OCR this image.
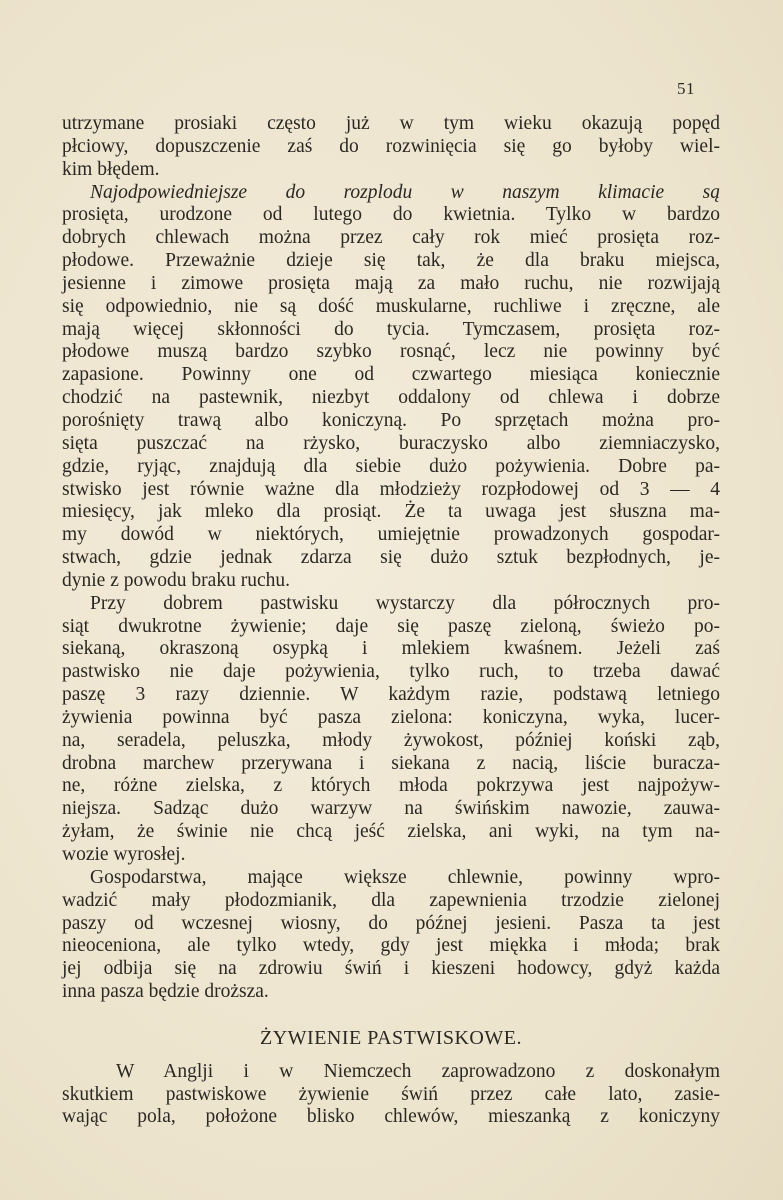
51
utrzymane prosiaki często już w tym wieku okazują popęd
płciowy, dopuszczenie zaś do rozwinięcia się go byłoby wiel-
kim błędem.
Najodpowiedniejsze do rozplodu w naszym klimacie są
prosięta, urodzone od lutego do kwietnia. Tylko w bardzo
dobrych chlewach można przez cały rok mieć prosięta roz-
płodowe. Przeważnie dzieje się tak, że dla braku miejsca,
jesienne i zimowe prosięta mają za mało ruchu, nie rozwijają
się odpowiednio, nie są dość muskularne, ruchliwe i zręczne, ale
mają więcej skłonności do tycia. Tymczasem, prosięta roz-
płodowe muszą bardzo szybko rosnąć, lecz nie powinny być
zapasione. Powinny one od czwartego miesiąca koniecznie
chodzić na pastewnik, niezbyt oddalony od chlewa i dobrze
porośnięty trawą albo koniczyną. Po sprzętach można pro-
sięta puszczać na rżysko, buraczysko albo ziemniaczysko,
gdzie, ryjąc, znajdują dla siebie dużo pożywienia. Dobre pa-
stwisko jest równie ważne dla młodzieży rozpłodowej od 3 — 4
miesięcy, jak mleko dla prosiąt. Że ta uwaga jest słuszna ma-
my dowód w niektórych, umiejętnie prowadzonych gospodar-
stwach, gdzie jednak zdarza się dużo sztuk bezpłodnych, je-
dynie z powodu braku ruchu.
Przy dobrem pastwisku wystarczy dla półrocznych pro-
siąt dwukrotne żywienie; daje się paszę zieloną, świeżo po-
siekaną, okraszoną osypką i mlekiem kwaśnem. Jeżeli zaś
pastwisko nie daje pożywienia, tylko ruch, to trzeba dawać
paszę 3 razy dziennie. W każdym razie, podstawą letniego
żywienia powinna być pasza zielona: koniczyna, wyka, lucer-
na, seradela, peluszka, młody żywokost, później koński ząb,
drobna marchew przerywana i siekana z nacią, liście buracza-
ne, różne zielska, z których młoda pokrzywa jest najpożyw-
niejsza. Sadząc dużo warzyw na świńskim nawozie, zauwa-
żyłam, że świnie nie chcą jeść zielska, ani wyki, na tym na-
wozie wyrosłej.
Gospodarstwa, mające większe chlewnie, powinny wpro-
wadzić mały płodozmianik, dla zapewnienia trzodzie zielonej
paszy od wczesnej wiosny, do późnej jesieni. Pasza ta jest
nieoceniona, ale tylko wtedy, gdy jest miękka i młoda; brak
jej odbija się na zdrowiu świń i kieszeni hodowcy, gdyż każda
inna pasza będzie droższa.
ŻYWIENIE PASTWISKOWE.
W Anglji i w Niemczech zaprowadzono z doskonałym
skutkiem pastwiskowe żywienie świń przez całe lato, zasie-
wając pola, położone blisko chlewów, mieszanką z koniczyny
